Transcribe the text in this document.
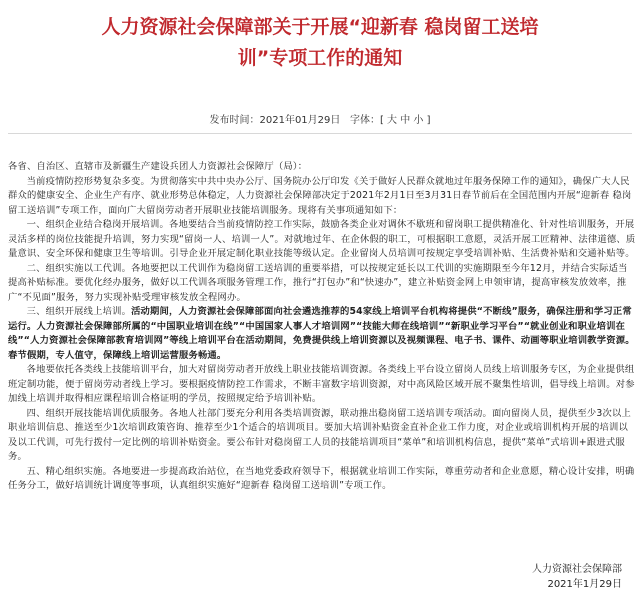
人力资源社会保障部关于开展“迎新春 稳岗留工送培
训”专项工作的通知
发布时间：2021年01月29日 字体：[ 大 中 小 ]

各省、自治区、直辖市及新疆生产建设兵团人力资源社会保障厅（局）：

当前疫情防控形势复杂多变。为贯彻落实中共中央办公厅、国务院办公厅印发《关于做好人民群众就地过年服务保障工作的通知》，确保广大人民群众的健康安全、企业生产有序、就业形势总体稳定，人力资源社会保障部决定于2021年2月1日至3月31日春节前后在全国范围内开展“迎新春 稳岗留工送培训”专项工作，面向广大留岗劳动者开展职业技能培训服务。现将有关事项通知如下：

一、组织企业结合稳岗开展培训。各地要结合当前疫情防控工作实际，鼓励各类企业对调休不歇班和留岗职工提供精准化、针对性培训服务，开展灵活多样的岗位技能提升培训，努力实现“留岗一人、培训一人”。对就地过年、在企休假的职工，可根据职工意愿，灵活开展工匠精神、法律道德、质量意识、安全环保和健康卫生等培训。引导企业开展定制化职业技能等级认定。企业留岗人员培训可按规定享受培训补贴、生活费补贴和交通补贴等。

二、组织实施以工代训。各地要把以工代训作为稳岗留工送培训的重要举措，可以按规定延长以工代训的实施期限至今年12月，并结合实际适当提高补贴标准。要优化经办服务，做好以工代训各项服务管理工作，推行“打包办”和“快速办”，建立补贴资金网上申领审请，提高审核发放效率，推广“不见面”服务，努力实现补贴受理审核发放全程网办。

三、组织开展线上培训。活动期间，人力资源社会保障部面向社会遴选推荐的54家线上培训平台机构将提供“不断线”服务，确保注册和学习正常运行。人力资源社会保障部所属的“中国职业培训在线”“中国国家人事人才培训网”“技能大师在线培训”“新职业学习平台”“就业创业和职业培训在线”“人力资源社会保障部教育培训网”等线上培训平台在活动期间，免费提供线上培训资源以及视频课程、电子书、课件、动画等职业培训教学资源。春节假期，专人值守，保障线上培训运营服务畅通。

各地要依托各类线上技能培训平台，加大对留岗劳动者开放线上职业技能培训资源。各类线上平台设立留岗人员线上培训服务专区，为企业提供组班定制功能，便于留岗劳动者线上学习。要根据疫情防控工作需求，不断丰富数字培训资源，对中高风险区域开展不聚集性培训，倡导线上培训。对参加线上培训并取得相应课程培训合格证明的学员，按照规定给予培训补贴。

四、组织开展技能培训优质服务。各地人社部门要充分利用各类培训资源，联动推出稳岗留工送培训专项活动。面向留岗人员，提供至少3次以上职业培训信息、推送至少1次培训政策咨询、推荐至少1个适合的培训项目。要加大培训补贴资金直补企业工作力度，对企业或培训机构开展的培训以及以工代训，可先行拨付一定比例的培训补贴资金。要公布针对稳岗留工人员的技能培训项目“菜单”和培训机构信息，提供“菜单”式培训+跟进式服务。

五、精心组织实施。各地要进一步提高政治站位，在当地党委政府领导下，根据就业培训工作实际，尊重劳动者和企业意愿，精心设计安排，明确任务分工，做好培训统计调度等事项，认真组织实施好“迎新春 稳岗留工送培训”专项工作。

人力资源社会保障部
2021年1月29日
